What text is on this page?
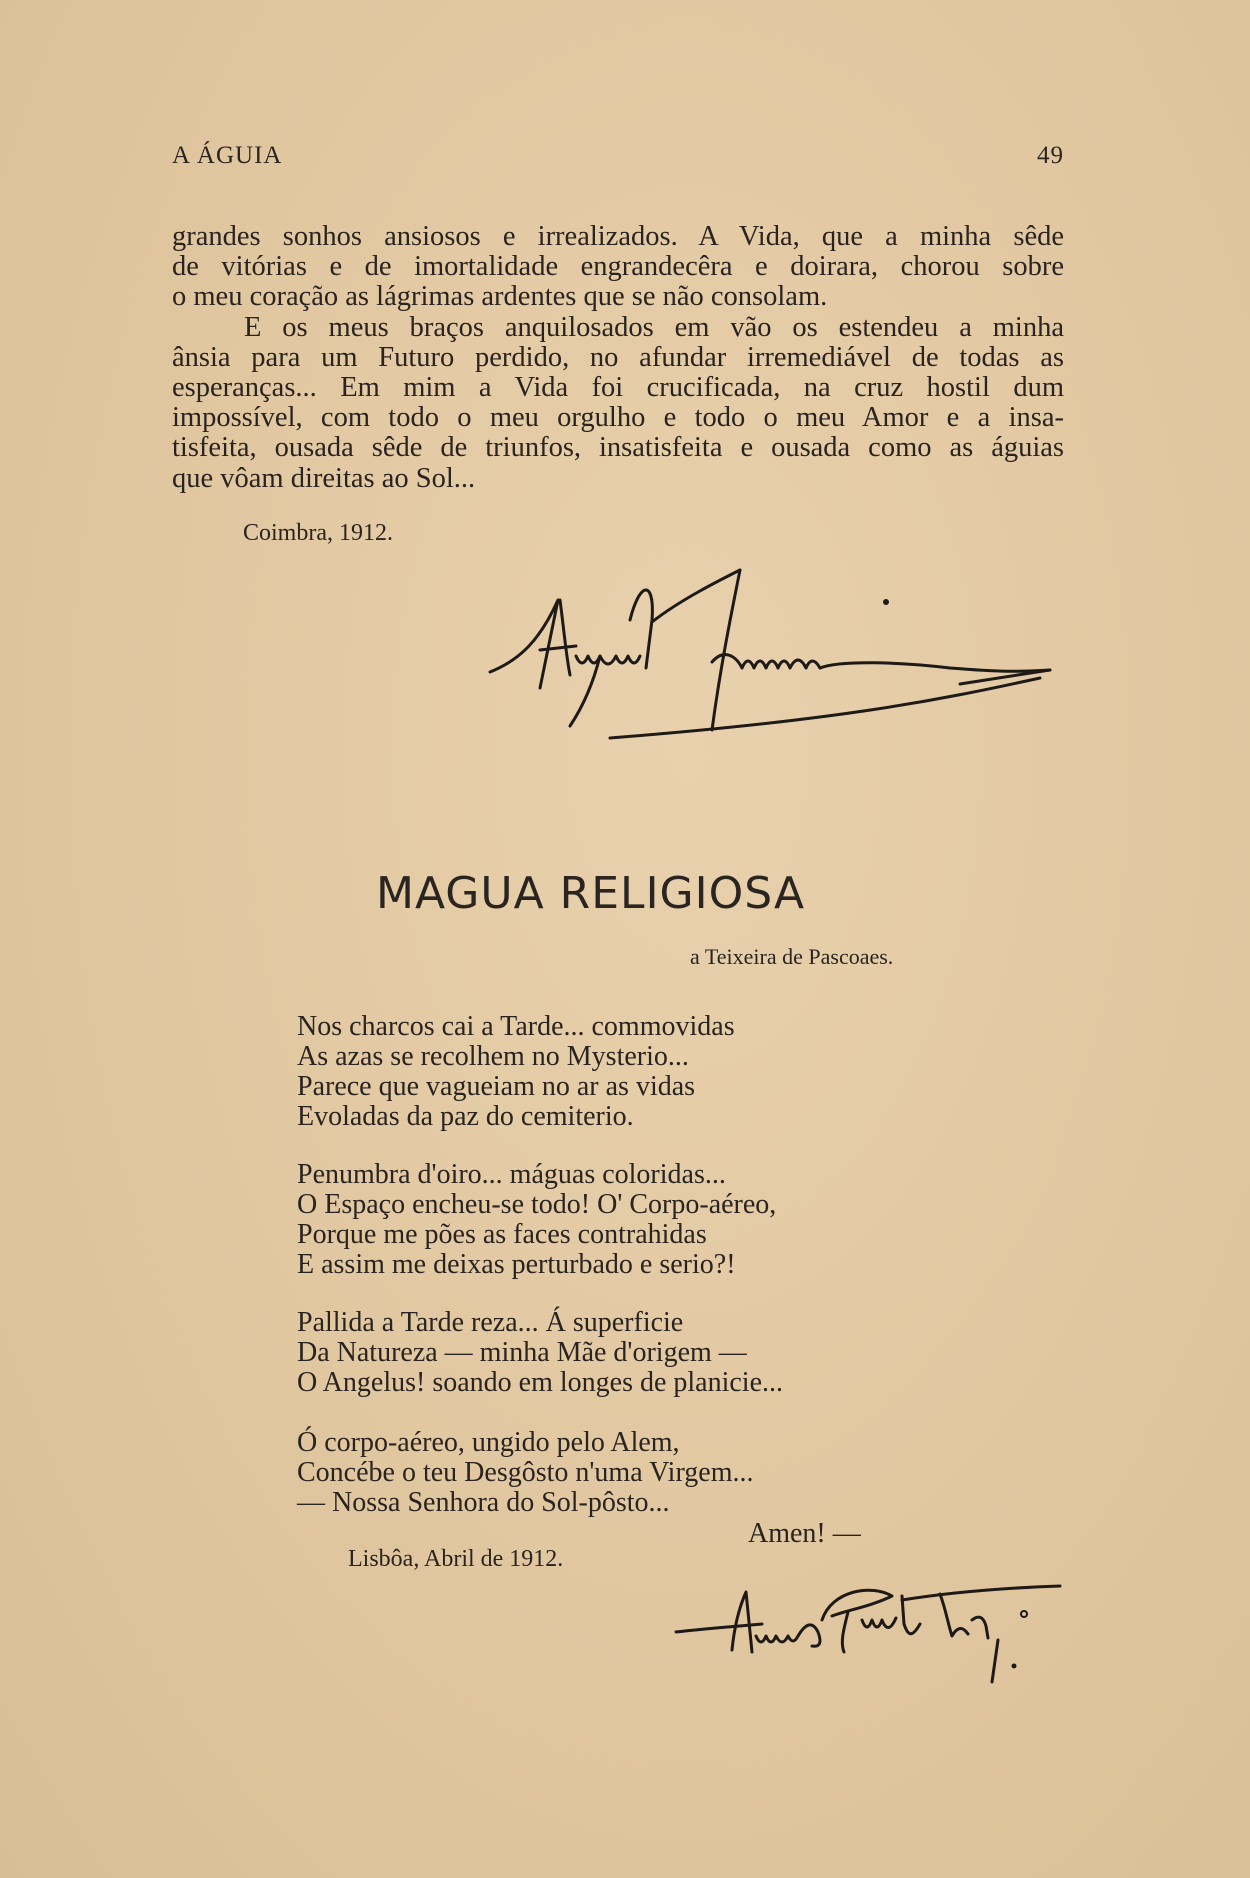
A ÁGUIA	49

grandes sonhos ansiosos e irrealizados. A Vida, que a minha sêde

de vitórias e de imortalidade engrandecêra e doirara, chorou sobre

o meu coração as lágrimas ardentes que se não consolam.

E os meus braços anquilosados em vão os estendeu a minha

ânsia para um Futuro perdido, no afundar irremediável de todas as

esperanças... Em mim a Vida foi crucificada, na cruz hostil dum

impossível, com todo o meu orgulho e todo o meu Amor e a insa-

tisfeita, ousada sêde de triunfos, insatisfeita e ousada como as águias

que vôam direitas ao Sol...

Coimbra, 1912.
MAGUA RELIGIOSA
a Teixeira de Pascoaes.
Nos charcos cai a Tarde... commovidas
As azas se recolhem no Mysterio...
Parece que vagueiam no ar as vidas
Evoladas da paz do cemiterio.
Penumbra d'oiro... máguas coloridas...
O Espaço encheu-se todo! O' Corpo-aéreo,
Porque me pões as faces contrahidas
E assim me deixas perturbado e serio?!
Pallida a Tarde reza... Á superficie
Da Natureza — minha Mãe d'origem —
O Angelus! soando em longes de planicie...
Ó corpo-aéreo, ungido pelo Alem,
Concébe o teu Desgôsto n'uma Virgem...
— Nossa Senhora do Sol-pôsto...
Amen! —
Lisbôa, Abril de 1912.
